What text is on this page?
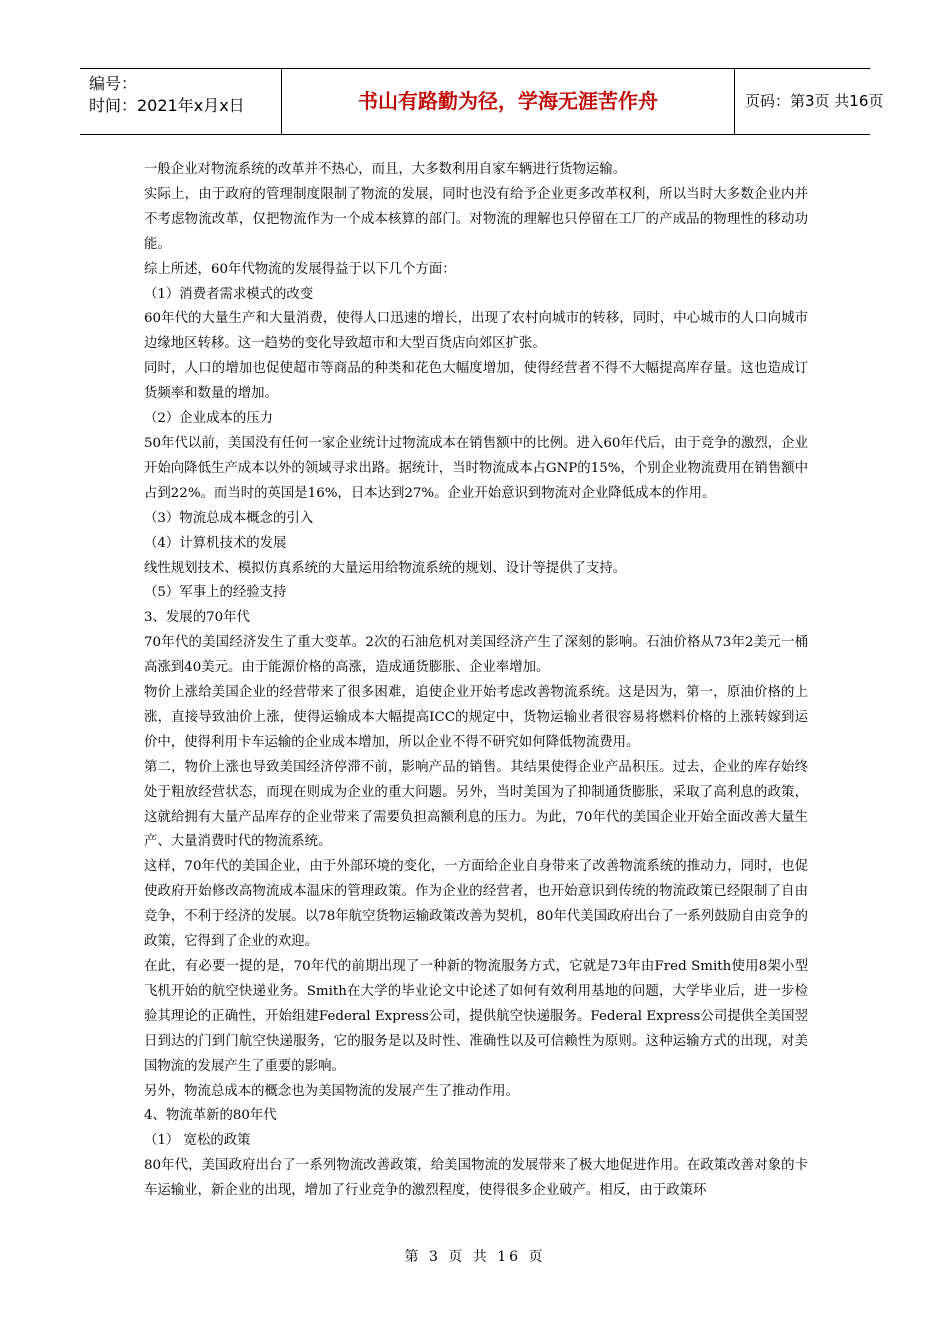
编号：
时间：2021年x月x日	书山有路勤为径，学海无涯苦作舟	页码：第3页 共16页

一般企业对物流系统的改革并不热心，而且，大多数利用自家车辆进行货物运输。

实际上，由于政府的管理制度限制了物流的发展，同时也没有给予企业更多改革权利，所以当时大多数企业内并不考虑物流改革，仅把物流作为一个成本核算的部门。对物流的理解也只停留在工厂的产成品的物理性的移动功能。

综上所述，60年代物流的发展得益于以下几个方面：

（1）消费者需求模式的改变

60年代的大量生产和大量消费，使得人口迅速的增长，出现了农村向城市的转移，同时，中心城市的人口向城市边缘地区转移。这一趋势的变化导致超市和大型百货店向郊区扩张。

同时，人口的增加也促使超市等商品的种类和花色大幅度增加，使得经营者不得不大幅提高库存量。这也造成订货频率和数量的增加。

（2）企业成本的压力

50年代以前，美国没有任何一家企业统计过物流成本在销售额中的比例。进入60年代后，由于竞争的激烈，企业开始向降低生产成本以外的领域寻求出路。据统计，当时物流成本占GNP的15%，个别企业物流费用在销售额中占到22%。而当时的英国是16%，日本达到27%。企业开始意识到物流对企业降低成本的作用。

（3）物流总成本概念的引入

（4）计算机技术的发展

线性规划技术、模拟仿真系统的大量运用给物流系统的规划、设计等提供了支持。

（5）军事上的经验支持

3、发展的70年代

70年代的美国经济发生了重大变革。2次的石油危机对美国经济产生了深刻的影响。石油价格从73年2美元一桶高涨到40美元。由于能源价格的高涨，造成通货膨胀、企业率增加。

物价上涨给美国企业的经营带来了很多困难，追使企业开始考虑改善物流系统。这是因为，第一，原油价格的上涨，直接导致油价上涨，使得运输成本大幅提高ICC的规定中，货物运输业者很容易将燃料价格的上涨转嫁到运价中，使得利用卡车运输的企业成本增加，所以企业不得不研究如何降低物流费用。

第二，物价上涨也导致美国经济停滞不前，影响产品的销售。其结果使得企业产品积压。过去，企业的库存始终处于粗放经营状态，而现在则成为企业的重大问题。另外，当时美国为了抑制通货膨胀，采取了高利息的政策，这就给拥有大量产品库存的企业带来了需要负担高额利息的压力。为此，70年代的美国企业开始全面改善大量生产、大量消费时代的物流系统。

这样，70年代的美国企业，由于外部环境的变化，一方面给企业自身带来了改善物流系统的推动力，同时，也促使政府开始修改高物流成本温床的管理政策。作为企业的经营者，也开始意识到传统的物流政策已经限制了自由竞争，不利于经济的发展。以78年航空货物运输政策改善为契机，80年代美国政府出台了一系列鼓励自由竞争的政策，它得到了企业的欢迎。

在此，有必要一提的是，70年代的前期出现了一种新的物流服务方式，它就是73年由Fred Smith使用8架小型飞机开始的航空快递业务。Smith在大学的毕业论文中论述了如何有效利用基地的问题，大学毕业后，进一步检验其理论的正确性，开始组建Federal Express公司，提供航空快递服务。Federal Express公司提供全美国翌日到达的门到门航空快递服务，它的服务是以及时性、准确性以及可信赖性为原则。这种运输方式的出现，对美国物流的发展产生了重要的影响。

另外，物流总成本的概念也为美国物流的发展产生了推动作用。

4、物流革新的80年代

（1） 宽松的政策

80年代，美国政府出台了一系列物流改善政策，给美国物流的发展带来了极大地促进作用。在政策改善对象的卡车运输业，新企业的出现，增加了行业竞争的激烈程度，使得很多企业破产。相反，由于政策环

第 3 页 共 16 页
